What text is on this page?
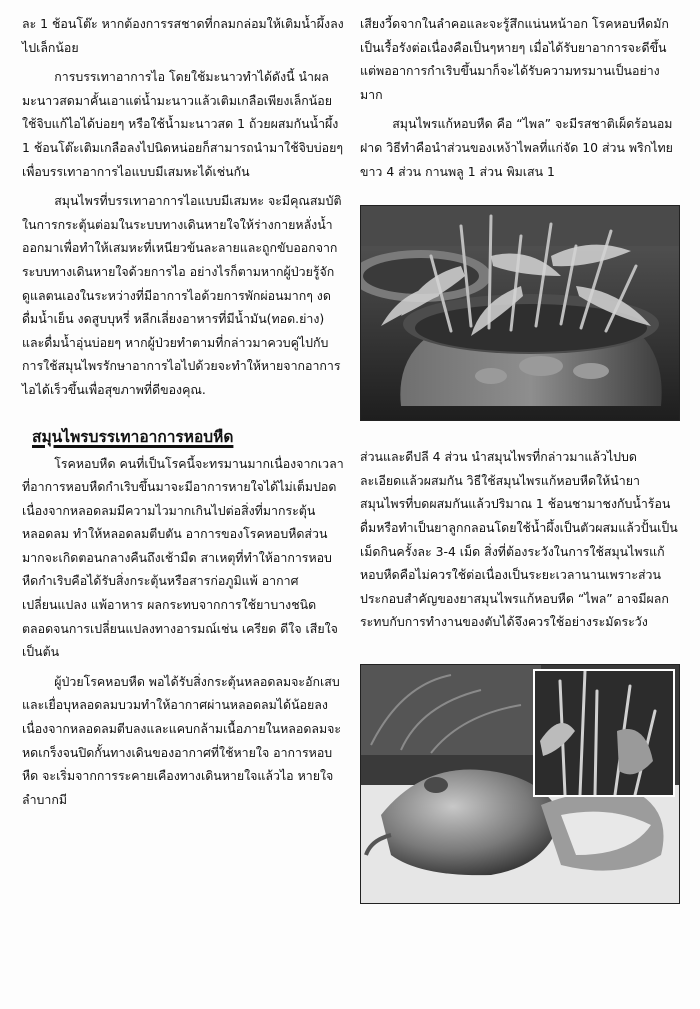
ละ 1 ช้อนโต๊ะ หากต้องการรสชาดที่กลมกล่อมให้เติมน้ำผึ้งลงไปเล็กน้อย

การบรรเทาอาการไอ โดยใช้มะนาวทำได้ดังนี้ นำผลมะนาวสดมาคั้นเอาแต่น้ำมะนาวแล้วเติมเกลือเพียงเล็กน้อย ใช้จิบแก้ไอได้บ่อยๆ หรือใช้น้ำมะนาวสด 1 ถ้วยผสมกันน้ำผึ้ง 1 ช้อนโต๊ะเติมเกลือลงไปนิดหน่อยก็สามารถนำมาใช้จิบบ่อยๆ เพื่อบรรเทาอาการไอแบบมีเสมหะได้เช่นกัน

สมุนไพรที่บรรเทาอาการไอแบบมีเสมหะ จะมีคุณสมบัติในการกระตุ้นต่อมในระบบทางเดินหายใจให้ร่างกายหลั่งน้ำออกมาเพื่อทำให้เสมหะที่เหนียวข้นละลายและถูกขับออกจากระบบทางเดินหายใจด้วยการไอ อย่างไรก็ตามหากผู้ป่วยรู้จักดูแลตนเองในระหว่างที่มีอาการไอด้วยการพักผ่อนมากๆ งดดื่มน้ำเย็น งดสูบบุหรี่ หลีกเลี่ยงอาหารที่มีน้ำมัน(ทอด.ย่าง) และดื่มน้ำอุ่นบ่อยๆ หากผู้ป่วยทำตามที่กล่าวมาควบคู่ไปกับการใช้สมุนไพรรักษาอาการไอไปด้วยจะทำให้หายจากอาการไอได้เร็วขึ้นเพื่อสุขภาพที่ดีของคุณ.

สมุนไพรบรรเทาอาการหอบหืด

โรคหอบหืด คนที่เป็นโรคนี้จะทรมานมากเนื่องจากเวลาที่อาการหอบหืดกำเริบขึ้นมาจะมีอาการหายใจได้ไม่เต็มปอด เนื่องจากหลอดลมมีความไวมากเกินไปต่อสิ่งที่มากระตุ้นหลอดลม ทำให้หลอดลมตีบตัน อาการของโรคหอบหืดส่วนมากจะเกิดตอนกลางคืนถึงเช้ามืด สาเหตุที่ทำให้อาการหอบหืดกำเริบคือได้รับสิ่งกระตุ้นหรือสารก่อภูมิแพ้ อากาศเปลี่ยนแปลง แพ้อาหาร ผลกระทบจากการใช้ยาบางชนิด ตลอดจนการเปลี่ยนแปลงทางอารมณ์เช่น เครียด ดีใจ เสียใจ เป็นต้น

ผู้ป่วยโรคหอบหืด พอได้รับสิ่งกระตุ้นหลอดลมจะอักเสบและเยื่อบุหลอดลมบวมทำให้อากาศผ่านหลอดลมได้น้อยลงเนื่องจากหลอดลมตีบลงและแคบกล้ามเนื้อภายในหลอดลมจะหดเกร็งจนปิดกั้นทางเดินของอากาศที่ใช้หายใจ อาการหอบหืด จะเริ่มจากการระคายเคืองทางเดินหายใจแล้วไอ หายใจลำบากมี

เสียงวี้ดจากในลำคอและจะรู้สึกแน่นหน้าอก โรคหอบหืดมักเป็นเรื้อรังต่อเนื่องคือเป็นๆหายๆ เมื่อได้รับยาอาการจะดีขึ้นแต่พออาการกำเริบขึ้นมาก็จะได้รับความทรมานเป็นอย่างมาก

สมุนไพรแก้หอบหืด คือ “ไพล” จะมีรสชาติเผ็ดร้อนอมฝาด วิธีทำคือนำส่วนของเหง้าไพลที่แก่จัด 10 ส่วน พริกไทยขาว 4 ส่วน กานพลู 1 ส่วน พิมเสน 1

ส่วนและดีปลี 4 ส่วน นำสมุนไพรที่กล่าวมาแล้วไปบดละเอียดแล้วผสมกัน วิธีใช้สมุนไพรแก้หอบหืดให้นำยาสมุนไพรที่บดผสมกันแล้วปริมาณ 1 ช้อนชามาชงกับน้ำร้อนดื่มหรือทำเป็นยาลูกกลอนโดยใช้น้ำผึ้งเป็นตัวผสมแล้วปั้นเป็นเม็ดกินครั้งละ 3-4 เม็ด สิ่งที่ต้องระวังในการใช้สมุนไพรแก้หอบหืดคือไม่ควรใช้ต่อเนื่องเป็นระยะเวลานานเพราะส่วนประกอบสำคัญของยาสมุนไพรแก้หอบหืด “ไพล” อาจมีผลกระทบกับการทำงานของตับได้จึงควรใช้อย่างระมัดระวัง
